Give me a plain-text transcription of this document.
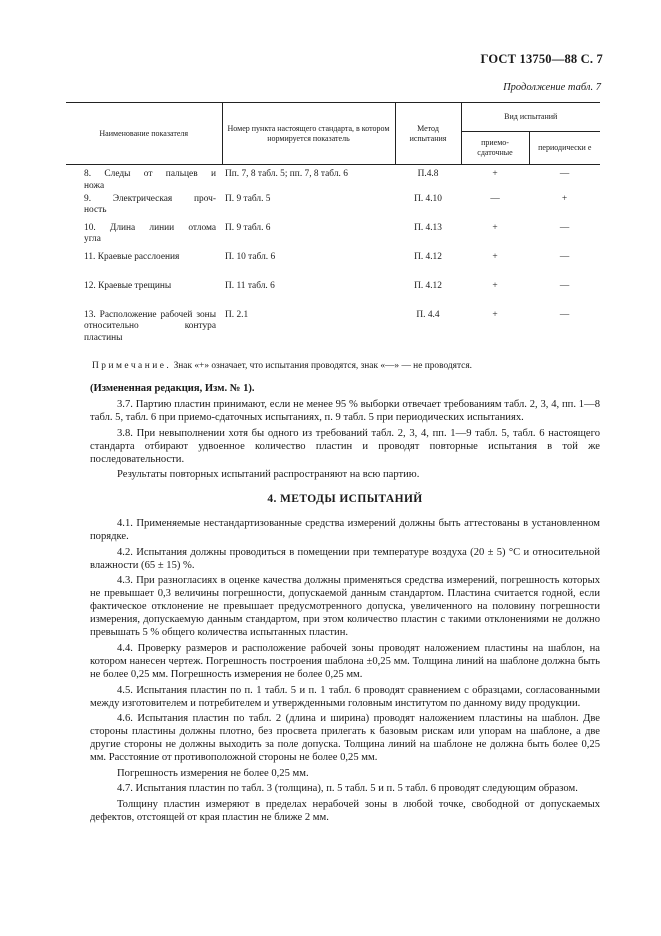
ГОСТ 13750—88 С. 7
Продолжение табл. 7
Наименование показателя	Номер пункта настоящего стандарта, в котором нормируется показатель	Метод испытания	Вид испытаний	
			приемо-сдаточные	периодически е
8. Следы от пальцев и
ножа	Пп. 7, 8 табл. 5; пп. 7, 8 табл. 6	П.4.8	+	—
9. Электрическая проч-
ность	П. 9 табл. 5	П. 4.10	—	+
10. Длина линии отлома
угла	П. 9 табл. 6	П. 4.13	+	—
11. Краевые расслоения	П. 10 табл. 6	П. 4.12	+	—
12. Краевые трещины	П. 11 табл. 6	П. 4.12	+	—
13. Расположение рабочей зоны относительно контура
пластины	П. 2.1	П. 4.4	+	—
Примечание. Знак «+» означает, что испытания проводятся, знак «—» — не проводятся.

(Измененная редакция, Изм. № 1).

3.7. Партию пластин принимают, если не менее 95 % выборки отвечает требованиям табл. 2, 3, 4, пп. 1—8 табл. 5, табл. 6 при приемо-сдаточных испытаниях, п. 9 табл. 5 при периодических испытаниях.

3.8. При невыполнении хотя бы одного из требований табл. 2, 3, 4, пп. 1—9 табл. 5, табл. 6 настоящего стандарта отбирают удвоенное количество пластин и проводят повторные испытания в той же последовательности.

Результаты повторных испытаний распространяют на всю партию.

4. МЕТОДЫ ИСПЫТАНИЙ

4.1. Применяемые нестандартизованные средства измерений должны быть аттестованы в установленном порядке.

4.2. Испытания должны проводиться в помещении при температуре воздуха (20 ± 5) °С и относительной влажности (65 ± 15) %.

4.3. При разногласиях в оценке качества должны применяться средства измерений, погрешность которых не превышает 0,3 величины погрешности, допускаемой данным стандартом. Пластина считается годной, если фактическое отклонение не превышает предусмотренного допуска, увеличенного на половину погрешности измерения, допускаемую данным стандартом, при этом количество пластин с такими отклонениями не должно превышать 5 % общего количества испытанных пластин.

4.4. Проверку размеров и расположение рабочей зоны проводят наложением пластины на шаблон, на котором нанесен чертеж. Погрешность построения шаблона ±0,25 мм. Толщина линий на шаблоне должна быть не более 0,25 мм. Погрешность измерения не более 0,25 мм.

4.5. Испытания пластин по п. 1 табл. 5 и п. 1 табл. 6 проводят сравнением с образцами, согласованными между изготовителем и потребителем и утвержденными головным институтом по данному виду продукции.

4.6. Испытания пластин по табл. 2 (длина и ширина) проводят наложением пластины на шаблон. Две стороны пластины должны плотно, без просвета прилегать к базовым рискам или упорам на шаблоне, а две другие стороны не должны выходить за поле допуска. Толщина линий на шаблоне не должна быть более 0,25 мм. Расстояние от противоположной стороны не более 0,25 мм.

Погрешность измерения не более 0,25 мм.

4.7. Испытания пластин по табл. 3 (толщина), п. 5 табл. 5 и п. 5 табл. 6 проводят следующим образом.

Толщину пластин измеряют в пределах нерабочей зоны в любой точке, свободной от допускаемых дефектов, отстоящей от края пластин не ближе 2 мм.
